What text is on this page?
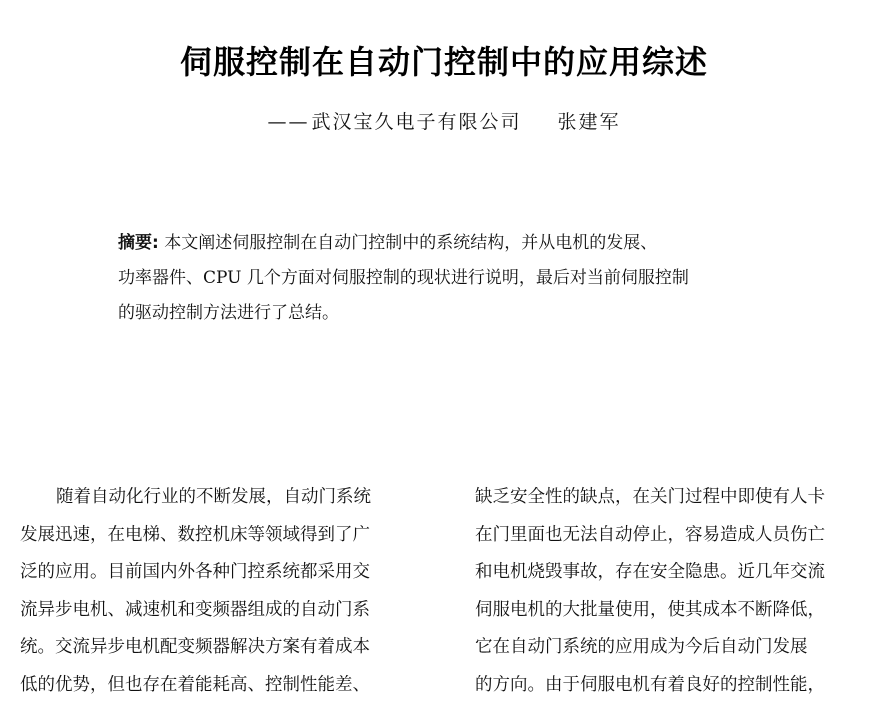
伺服控制在自动门控制中的应用综述
—— 武汉宝久电子有限公司 张建军
摘要: 本文阐述伺服控制在自动门控制中的系统结构，并从电机的发展、
功率器件、CPU 几个方面对伺服控制的现状进行说明，最后对当前伺服控制
的驱动控制方法进行了总结。
随着自动化行业的不断发展，自动门系统
发展迅速，在电梯、数控机床等领域得到了广
泛的应用。目前国内外各种门控系统都采用交
流异步电机、减速机和变频器组成的自动门系
统。交流异步电机配变频器解决方案有着成本
低的优势，但也存在着能耗高、控制性能差、
缺乏安全性的缺点，在关门过程中即使有人卡
在门里面也无法自动停止，容易造成人员伤亡
和电机烧毁事故，存在安全隐患。近几年交流
伺服电机的大批量使用，使其成本不断降低，
它在自动门系统的应用成为今后自动门发展
的方向。由于伺服电机有着良好的控制性能，
